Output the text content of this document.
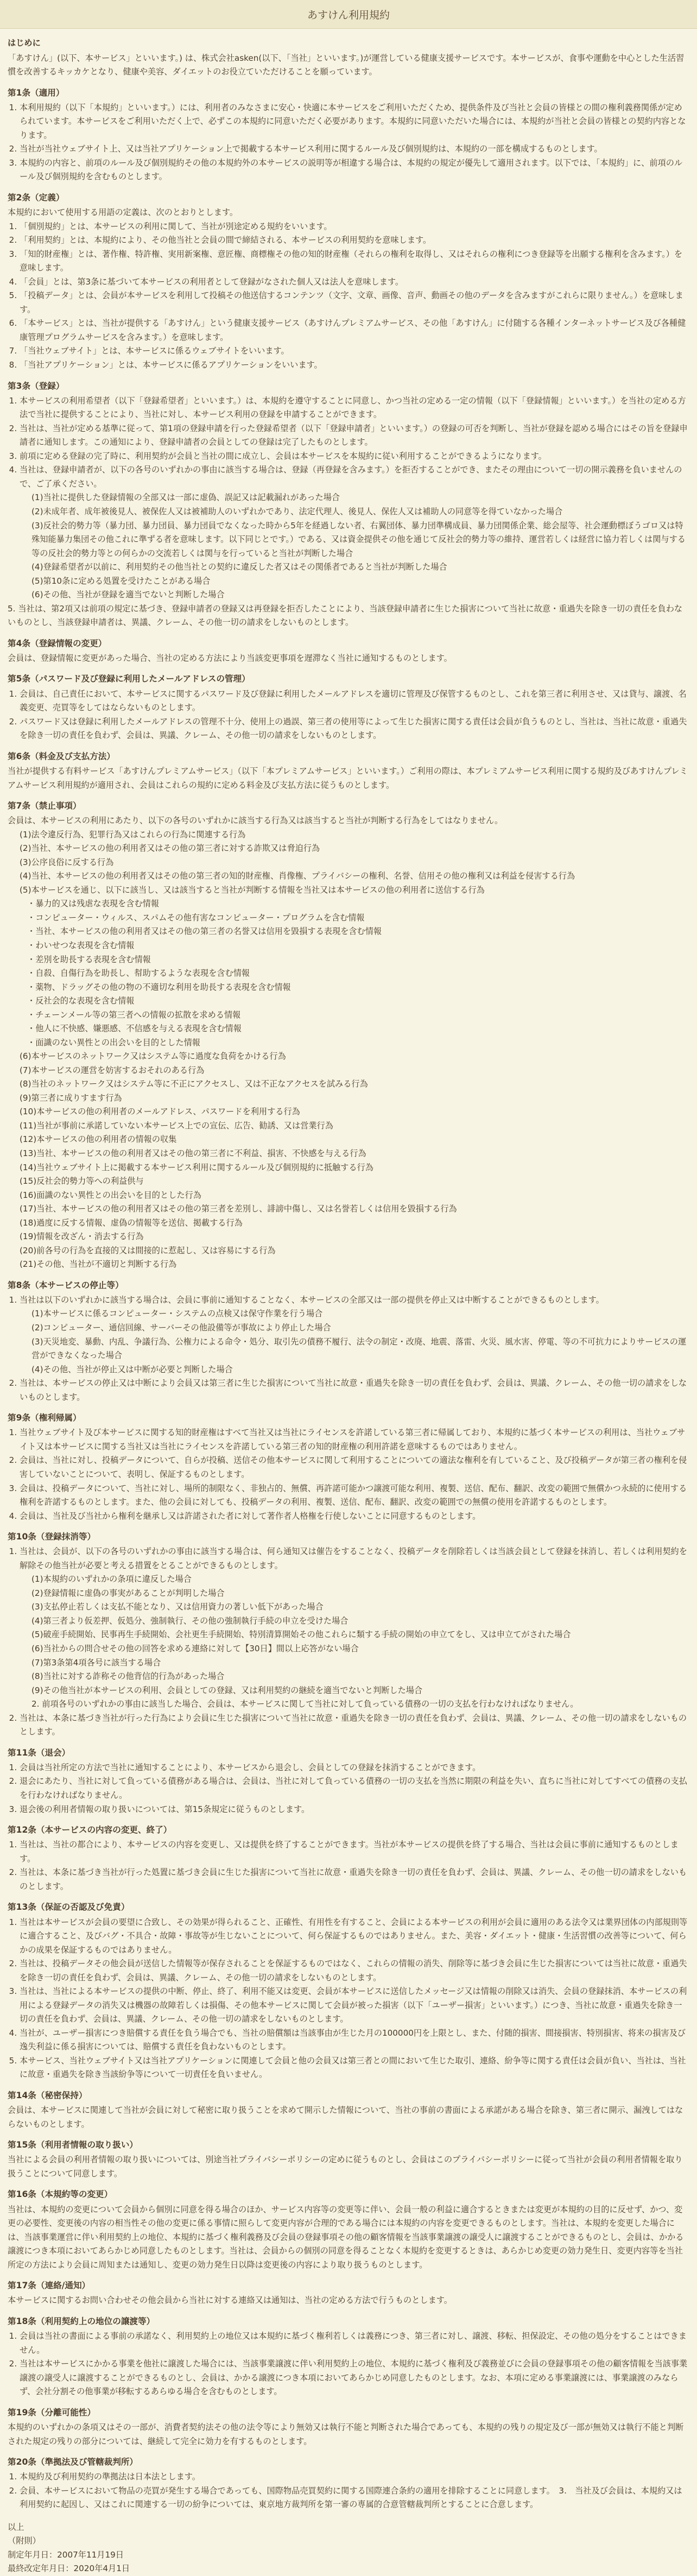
あすけん利用規約

はじめに

「あすけん」(以下、本サービス」といいます。) は、株式会社asken(以下、「当社」といいます。)が運営している健康支援サービスです。本サービスが、食事や運動を中心とした生活習慣を改善するキッカケとなり、健康や美容、ダイエットのお役立ていただけることを願っています。

第1条（適用）
1. 本利用規約（以下「本規約」といいます。）には、利用者のみなさまに安心・快適に本サービスをご利用いただくため、提供条件及び当社と会員の皆様との間の権利義務関係が定められています。本サービスをご利用いただく上で、必ずこの本規約に同意いただく必要があります。本規約に同意いただいた場合には、本規約が当社と会員の皆様との契約内容となります。
2. 当社が当社ウェブサイト上、又は当社アプリケーション上で掲載する本サービス利用に関するルール及び個別規約は、本規約の一部を構成するものとします。
3. 本規約の内容と、前項のルール及び個別規約その他の本規約外の本サービスの説明等が相違する場合は、本規約の規定が優先して適用されます。以下では、「本規約」に、前項のルール及び個別規約を含むものとします。
第2条（定義）

本規約において使用する用語の定義は、次のとおりとします。

1. 「個別規約」とは、本サービスの利用に関して、当社が別途定める規約をいいます。
2. 「利用契約」とは、本規約により、その他当社と会員の間で締結される、本サービスの利用契約を意味します。
3. 「知的財産権」とは、著作権、特許権、実用新案権、意匠権、商標権その他の知的財産権（それらの権利を取得し、又はそれらの権利につき登録等を出願する権利を含みます。）を意味します。
4. 「会員」とは、第3条に基づいて本サービスの利用者として登録がなされた個人又は法人を意味します。
5. 「投稿データ」とは、会員が本サービスを利用して投稿その他送信するコンテンツ（文字、文章、画像、音声、動画その他のデータを含みますがこれらに限りません。）を意味します。
6. 「本サービス」とは、当社が提供する「あすけん」という健康支援サービス（あすけんプレミアムサービス、その他「あすけん」に付随する各種インターネットサービス及び各種健康管理プログラムサービスを含みます。）を意味します。
7. 「当社ウェブサイト」とは、本サービスに係るウェブサイトをいいます。
8. 「当社アプリケーション」とは、本サービスに係るアプリケーションをいいます。
第3条（登録）
1. 本サービスの利用希望者（以下「登録希望者」といいます。）は、本規約を遵守することに同意し、かつ当社の定める一定の情報（以下「登録情報」といいます。）を当社の定める方法で当社に提供することにより、当社に対し、本サービス利用の登録を申請することができます。
2. 当社は、当社が定める基準に従って、第1項の登録申請を行った登録希望者（以下「登録申請者」といいます。）の登録の可否を判断し、当社が登録を認める場合にはその旨を登録申請者に通知します。この通知により、登録申請者の会員としての登録は完了したものとします。
3. 前項に定める登録の完了時に、利用契約が会員と当社の間に成立し、会員は本サービスを本規約に従い利用することができるようになります。
4. 当社は、登録申請者が、以下の各号のいずれかの事由に該当する場合は、登録（再登録を含みます。）を拒否することができ、またその理由について一切の開示義務を負いませんので、ご了承ください。
(1)当社に提供した登録情報の全部又は一部に虚偽、誤記又は記載漏れがあった場合
(2)未成年者、成年被後見人、被保佐人又は被補助人のいずれかであり、法定代理人、後見人、保佐人又は補助人の同意等を得ていなかった場合
(3)反社会的勢力等（暴力団、暴力団員、暴力団員でなくなった時から5年を経過しない者、右翼団体、暴力団準構成員、暴力団関係企業、総会屋等、社会運動標ぼうゴロ又は特殊知能暴力集団その他これに準ずる者を意味します。以下同じとです。）である、又は資金提供その他を通じて反社会的勢力等の維持、運営若しくは経営に協力若しくは関与する等の反社会的勢力等との何らかの交流若しくは関与を行っていると当社が判断した場合
(4)登録希望者が以前に、利用契約その他当社との契約に違反した者又はその関係者であると当社が判断した場合
(5)第10条に定める処置を受けたことがある場合
(6)その他、当社が登録を適当でないと判断した場合

5. 当社は、第2項又は前項の規定に基づき、登録申請者の登録又は再登録を拒否したことにより、当該登録申請者に生じた損害について当社に故意・重過失を除き一切の責任を負わないものとし、当該登録申請者は、異議、クレーム、その他一切の請求をしないものとします。

第4条（登録情報の変更）

会員は、登録情報に変更があった場合、当社の定める方法により当該変更事項を遅滞なく当社に通知するものとします。

第5条（パスワード及び登録に利用したメールアドレスの管理）
1. 会員は、自己責任において、本サービスに関するパスワード及び登録に利用したメールアドレスを適切に管理及び保管するものとし、これを第三者に利用させ、又は貸与、譲渡、名義変更、売買等をしてはならないものとします。
2. パスワード又は登録に利用したメールアドレスの管理不十分、使用上の過誤、第三者の使用等によって生じた損害に関する責任は会員が負うものとし、当社は、当社に故意・重過失を除き一切の責任を負わず、会員は、異議、クレーム、その他一切の請求をしないものとします。
第6条（料金及び支払方法）

当社が提供する有料サービス「あすけんプレミアムサービス」（以下「本プレミアムサービス」といいます。）ご利用の際は、本プレミアムサービス利用に関する規約及びあすけんプレミアムサービス利用規約が適用され、会員はこれらの規約に定める料金及び支払方法に従うものとします。

第7条（禁止事項）

会員は、本サービスの利用にあたり、以下の各号のいずれかに該当する行為又は該当すると当社が判断する行為をしてはなりません。

(1)法令違反行為、犯罪行為又はこれらの行為に関連する行為
(2)当社、本サービスの他の利用者又はその他の第三者に対する詐欺又は脅迫行為
(3)公序良俗に反する行為
(4)当社、本サービスの他の利用者又はその他の第三者の知的財産権、肖像権、プライバシーの権利、名誉、信用その他の権利又は利益を侵害する行為
(5)本サービスを通じ、以下に該当し、又は該当すると当社が判断する情報を当社又は本サービスの他の利用者に送信する行為
・暴力的又は残虐な表現を含む情報
・コンピューター・ウィルス、スパムその他有害なコンピューター・プログラムを含む情報
・当社、本サービスの他の利用者又はその他の第三者の名誉又は信用を毀損する表現を含む情報
・わいせつな表現を含む情報
・差別を助長する表現を含む情報
・自殺、自傷行為を助長し、幇助するような表現を含む情報
・薬物、ドラッグその他の物の不適切な利用を助長する表現を含む情報
・反社会的な表現を含む情報
・チェーンメール等の第三者への情報の拡散を求める情報
・他人に不快感、嫌悪感、不信感を与える表現を含む情報
・面識のない異性との出会いを目的とした情報
(6)本サービスのネットワーク又はシステム等に過度な負荷をかける行為
(7)本サービスの運営を妨害するおそれのある行為
(8)当社のネットワーク又はシステム等に不正にアクセスし、又は不正なアクセスを試みる行為
(9)第三者に成りすます行為
(10)本サービスの他の利用者のメールアドレス、パスワードを利用する行為
(11)当社が事前に承諾していない本サービス上での宣伝、広告、勧誘、又は営業行為
(12)本サービスの他の利用者の情報の収集
(13)当社、本サービスの他の利用者又はその他の第三者に不利益、損害、不快感を与える行為
(14)当社ウェブサイト上に掲載する本サービス利用に関するルール及び個別規約に抵触する行為
(15)反社会的勢力等への利益供与
(16)面識のない異性との出会いを目的とした行為
(17)当社、本サービスの他の利用者又はその他の第三者を差別し、誹謗中傷し、又は名誉若しくは信用を毀損する行為
(18)過度に反する情報、虚偽の情報等を送信、掲載する行為
(19)情報を改ざん・消去する行為
(20)前各号の行為を直接的又は間接的に惹起し、又は容易にする行為
(21)その他、当社が不適切と判断する行為
第8条（本サービスの停止等）
1. 当社は以下のいずれかに該当する場合は、会員に事前に通知することなく、本サービスの全部又は一部の提供を停止又は中断することができるものとします。
(1)本サービスに係るコンピューター・システムの点検又は保守作業を行う場合
(2)コンピューター、通信回線、サーバーその他設備等が事故により停止した場合
(3)天災地変、暴動、内乱、争議行為、公権力による命令・処分、取引先の債務不履行、法令の制定・改廃、地震、落雷、火災、風水害、停電、等の不可抗力によりサービスの運営ができなくなった場合
(4)その他、当社が停止又は中断が必要と判断した場合
2. 当社は、本サービスの停止又は中断により会員又は第三者に生じた損害について当社に故意・重過失を除き一切の責任を負わず、会員は、異議、クレーム、その他一切の請求をしないものとします。
第9条（権利帰属）
1. 当社ウェブサイト及び本サービスに関する知的財産権はすべて当社又は当社にライセンスを許諾している第三者に帰属しており、本規約に基づく本サービスの利用は、当社ウェブサイト又は本サービスに関する当社又は当社にライセンスを許諾している第三者の知的財産権の利用許諾を意味するものではありません。
2. 会員は、当社に対し、投稿データについて、自らが投稿、送信その他本サービスに関して利用することについての適法な権利を有していること、及び投稿データが第三者の権利を侵害していないことについて、表明し、保証するものとします。
3. 会員は、投稿データについて、当社に対し、場所的制限なく、非独占的、無償、再許諾可能かつ譲渡可能な利用、複製、送信、配布、翻訳、改変の範囲で無償かつ永続的に使用する権利を許諾するものとします。また、他の会員に対しても、投稿データの利用、複製、送信、配布、翻訳、改変の範囲での無償の使用を許諾するものとします。
4. 会員は、当社及び当社から権利を継承し又は許諾された者に対して著作者人格権を行使しないことに同意するものとします。
第10条（登録抹消等）
1. 当社は、会員が、以下の各号のいずれかの事由に該当する場合は、何ら通知又は催告をすることなく、投稿データを削除若しくは当該会員として登録を抹消し、若しくは利用契約を解除その他当社が必要と考える措置をとることができるものとします。
(1)本規約のいずれかの条項に違反した場合
(2)登録情報に虚偽の事実があることが判明した場合
(3)支払停止若しくは支払不能となり、又は信用資力の著しい低下があった場合
(4)第三者より仮差押、仮処分、強制執行、その他の強制執行手続の申立を受けた場合
(5)破産手続開始、民事再生手続開始、会社更生手続開始、特別清算開始その他これらに類する手続の開始の申立てをし、又は申立てがされた場合
(6)当社からの問合せその他の回答を求める連絡に対して【30日】間以上応答がない場合
(7)第3条第4項各号に該当する場合
(8)当社に対する詐称その他背信的行為があった場合
(9)その他当社が本サービスの利用、会員としての登録、又は利用契約の継続を適当でないと判断した場合
2. 前項各号のいずれかの事由に該当した場合、会員は、本サービスに関して当社に対して負っている債務の一切の支払を行わなければなりません。
2. 当社は、本条に基づき当社が行った行為により会員に生じた損害について当社に故意・重過失を除き一切の責任を負わず、会員は、異議、クレーム、その他一切の請求をしないものとします。
第11条（退会）
1. 会員は当社所定の方法で当社に通知することにより、本サービスから退会し、会員としての登録を抹消することができます。
2. 退会にあたり、当社に対して負っている債務がある場合は、会員は、当社に対して負っている債務の一切の支払を当然に期限の利益を失い、直ちに当社に対してすべての債務の支払を行わなければなりません。
3. 退会後の利用者情報の取り扱いについては、第15条規定に従うものとします。
第12条（本サービスの内容の変更、終了）
1. 当社は、当社の都合により、本サービスの内容を変更し、又は提供を終了することができます。当社が本サービスの提供を終了する場合、当社は会員に事前に通知するものとします。
2. 当社は、本条に基づき当社が行った処置に基づき会員に生じた損害について当社に故意・重過失を除き一切の責任を負わず、会員は、異議、クレーム、その他一切の請求をしないものとします。
第13条（保証の否認及び免責）
1. 当社は本サービスが会員の要望に合致し、その効果が得られること、正確性、有用性を有すること、会員による本サービスの利用が会員に適用のある法令又は業界団体の内部規則等に適合すること、及びバグ・不具合・故障・事故等が生じないことについて、何ら保証するものではありません。また、美容・ダイエット・健康・生活習慣の改善等について、何らかの成果を保証するものではありません。
2. 当社は、投稿データその他会員が送信した情報等が保存されることを保証するものではなく、これらの情報の消失、削除等に基づき会員に生じた損害については当社に故意・重過失を除き一切の責任を負わず、会員は、異議、クレーム、その他一切の請求をしないものとします。
3. 当社は、当社による本サービスの提供の中断、停止、終了、利用不能又は変更、会員が本サービスに送信したメッセージ又は情報の削除又は消失、会員の登録抹消、本サービスの利用による登録データの消失又は機器の故障若しくは損傷、その他本サービスに関して会員が被った損害（以下「ユーザー損害」といいます。）につき、当社に故意・重過失を除き一切の責任を負わず、会員は、異議、クレーム、その他一切の請求をしないものとします。
4. 当社が、ユーザー損害につき賠償する責任を負う場合でも、当社の賠償額は当該事由が生じた月の100000円を上限とし、また、付随的損害、間接損害、特別損害、将来の損害及び逸失利益に係る損害については、賠償する責任を負わないものとします。
5. 本サービス、当社ウェブサイト又は当社アプリケーションに関連して会員と他の会員又は第三者との間において生じた取引、連絡、紛争等に関する責任は会員が負い、当社は、当社に故意・重過失を除き当該紛争等について一切責任を負いません。
第14条（秘密保持）

会員は、本サービスに関連して当社が会員に対して秘密に取り扱うことを求めて開示した情報について、当社の事前の書面による承諾がある場合を除き、第三者に開示、漏洩してはならないものとします。

第15条（利用者情報の取り扱い）

当社による会員の利用者情報の取り扱いについては、別途当社プライバシーポリシーの定めに従うものとし、会員はこのプライバシーポリシーに従って当社が会員の利用者情報を取り扱うことについて同意します。

第16条（本規約等の変更）

当社は、本規約の変更について会員から個別に同意を得る場合のほか、サービス内容等の変更等に伴い、会員一般の利益に適合するときまたは変更が本規約の目的に反せず、かつ、変更の必要性、変更後の内容の相当性その他の変更に係る事情に照らして変更内容が合理的である場合には本規約の内容を変更できるものとします。当社は、本規約を変更した場合には、当該事業運営に伴い利用契約上の地位、本規約に基づく権利義務及び会員の登録事項その他の顧客情報を当該事業譲渡の譲受人に譲渡することができるものとし、会員は、かかる譲渡につき本項においてあらかじめ同意したものとします。当社は、会員からの個別の同意を得ることなく本規約を変更するときは、あらかじめ変更の効力発生日、変更内容等を当社所定の方法により会員に周知または通知し、変更の効力発生日以降は変更後の内容により取り扱うものとします。

第17条（連絡/通知）

本サービスに関するお問い合わせその他会員から当社に対する連絡又は通知は、当社の定める方法で行うものとします。

第18条（利用契約上の地位の譲渡等）
1. 会員は当社の書面による事前の承諾なく、利用契約上の地位又は本規約に基づく権利若しくは義務につき、第三者に対し、譲渡、移転、担保設定、その他の処分をすることはできません。
2. 当社は本サービスにかかる事業を他社に譲渡した場合には、当該事業譲渡に伴い利用契約上の地位、本規約に基づく権利及び義務並びに会員の登録事項その他の顧客情報を当該事業譲渡の譲受人に譲渡することができるものとし、会員は、かかる譲渡につき本項においてあらかじめ同意したものとします。なお、本項に定める事業譲渡には、事業譲渡のみならず、会社分割その他事業が移転するあらゆる場合を含むものとします。
第19条（分離可能性）

本規約のいずれかの条項又はその一部が、消費者契約法その他の法令等により無効又は執行不能と判断された場合であっても、本規約の残りの規定及び一部が無効又は執行不能と判断された規定の残りの部分については、継続して完全に効力を有するものとします。

第20条（準拠法及び管轄裁判所）
1. 本規約及び利用契約の準拠法は日本法とします。
2. 会員、本サービスにおいて物品の売買が発生する場合であっても、国際物品売買契約に関する国際連合条約の適用を排除することに同意します。　3.　当社及び会員は、本規約又は利用契約に起因し、又はこれに関連する一切の紛争については、東京地方裁判所を第一審の専属的合意管轄裁判所とすることに合意します。

以上

（附則）

制定年月日：2007年11月19日

最終改定年月日：2020年4月1日
